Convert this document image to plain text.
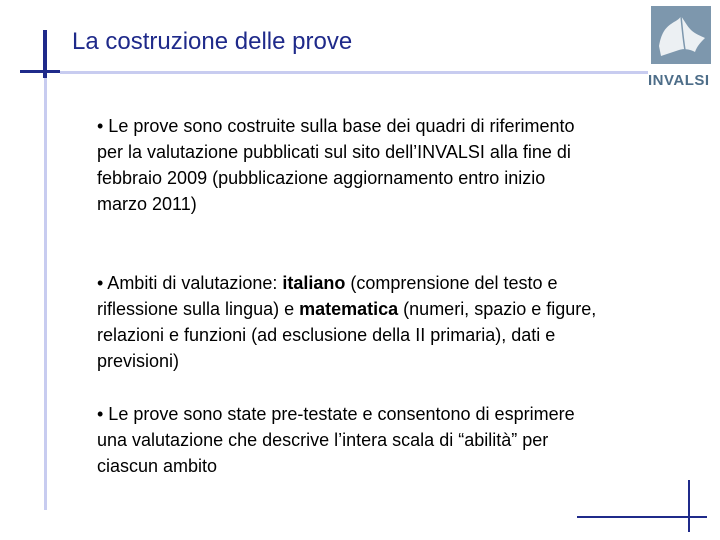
La costruzione delle prove
INVALSI
• Le prove sono costruite sulla base dei quadri di riferimento per la valutazione pubblicati sul sito dell’INVALSI alla fine di febbraio 2009 (pubblicazione aggiornamento entro inizio marzo 2011)
• Ambiti di valutazione: italiano (comprensione del testo e riflessione sulla lingua) e matematica (numeri, spazio e figure, relazioni e funzioni (ad esclusione della II primaria), dati e previsioni)
• Le prove sono state pre-testate e consentono di esprimere una valutazione che descrive l’intera scala di “abilità” per ciascun ambito
